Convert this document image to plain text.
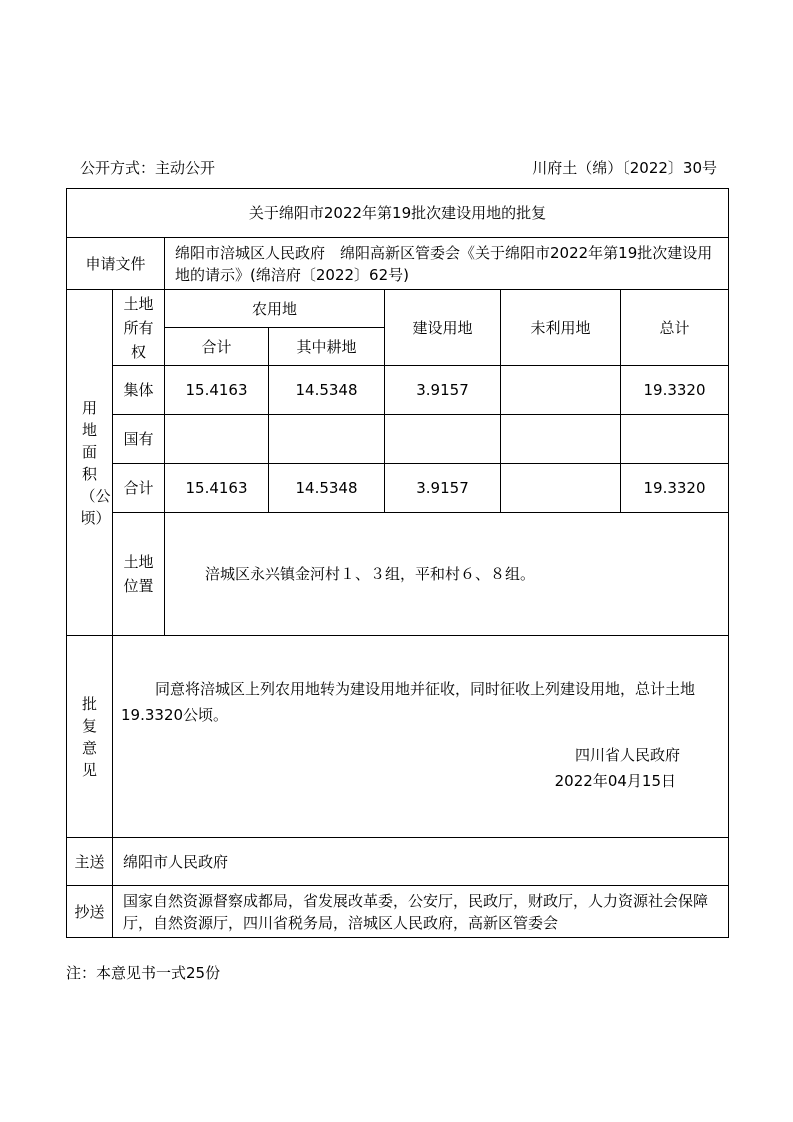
公开方式：主动公开	川府土（绵）〔2022〕30号
关于绵阳市2022年第19批次建设用地的批复						
申请文件		绵阳市涪城区人民政府　绵阳高新区管委会《关于绵阳市2022年第19批次建设用地的请示》(绵涪府〔2022〕62号)				

用地面积（公顷）	土地所有权	农用地		建设用地	未利用地	总计
		合计	其中耕地			
	集体	15.4163	14.5348	3.9157		19.3320
	国有					
	合计	15.4163	14.5348	3.9157		19.3320

	土地位置	涪城区永兴镇金河村１、３组，平和村６、８组。				

批复意见	同意将涪城区上列农用地转为建设用地并征收，同时征收上列建设用地，总计土地19.3320公顷。

四川省人民政府
2022年04月15日					

主送	绵阳市人民政府					
抄送	国家自然资源督察成都局，省发展改革委，公安厅，民政厅，财政厅，人力资源社会保障厅，自然资源厅，四川省税务局，涪城区人民政府，高新区管委会					
注：本意见书一式25份
